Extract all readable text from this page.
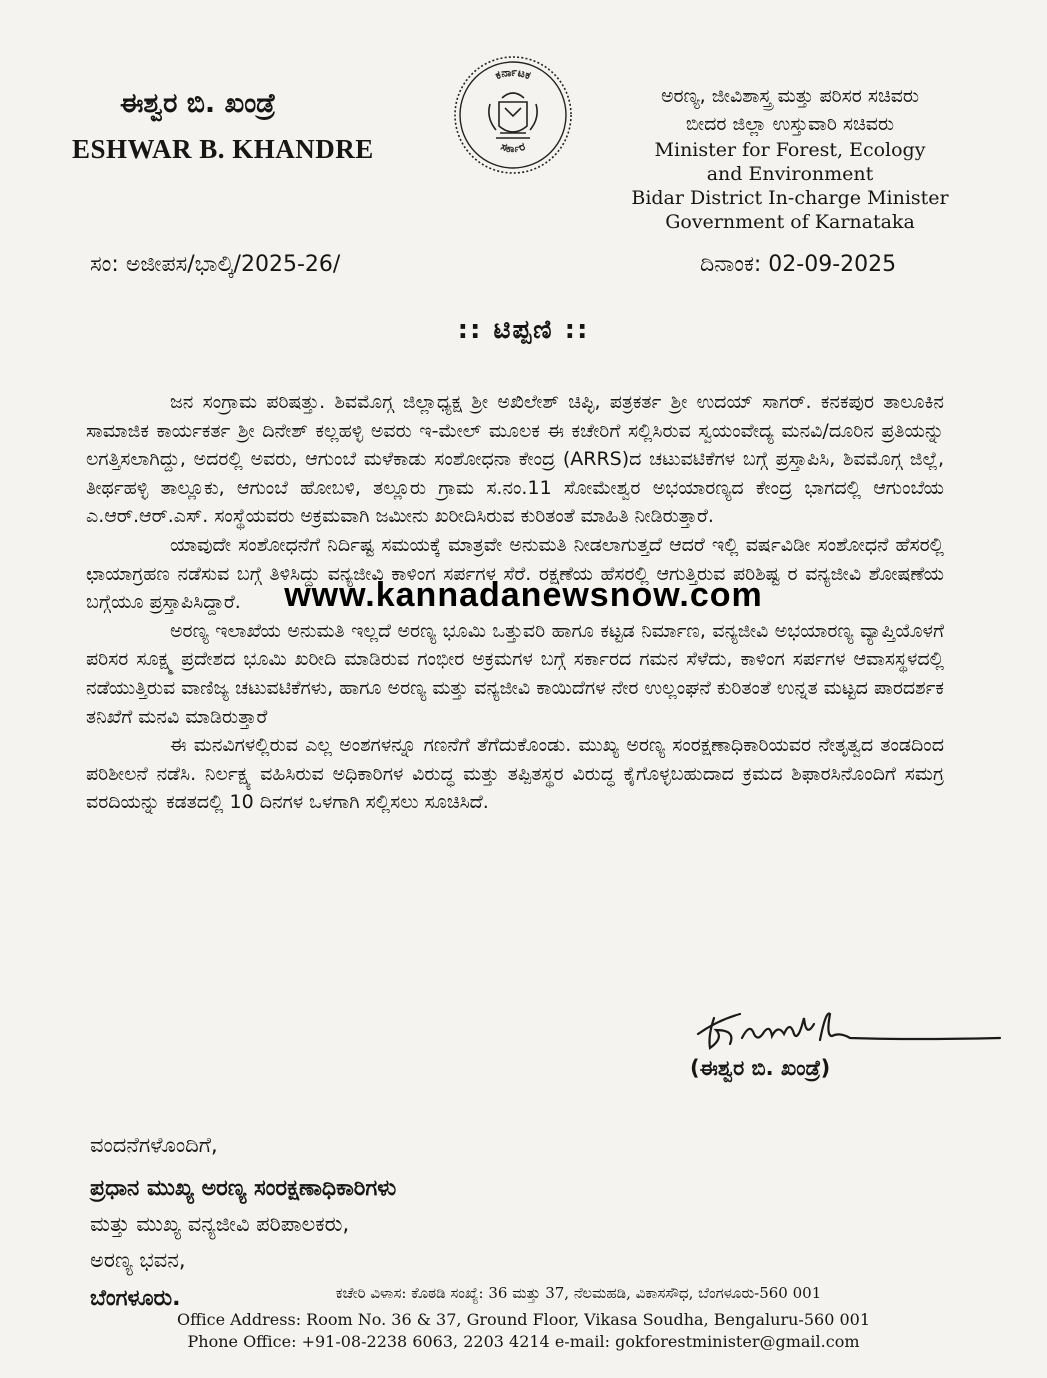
ಈಶ್ವರ ಬಿ. ಖಂಡ್ರೆ
ESHWAR B. KHANDRE
ಕರ್ನಾಟಕ
ಸರ್ಕಾರ
ಅರಣ್ಯ, ಜೀವಿಶಾಸ್ತ್ರ ಮತ್ತು ಪರಿಸರ ಸಚಿವರು
ಬೀದರ ಜಿಲ್ಲಾ ಉಸ್ತುವಾರಿ ಸಚಿವರು
Minister for Forest, Ecology
and Environment
Bidar District In-charge Minister
Government of Karnataka
ಸಂ: ಅಜೀಪಸ/ಭಾಲ್ಕಿ/2025-26/	ದಿನಾಂಕ: 02-09-2025
:: ಟಿಪ್ಪಣಿ ::

ಜನ ಸಂಗ್ರಾಮ ಪರಿಷತ್ತು. ಶಿವಮೊಗ್ಗ ಜಿಲ್ಲಾಧ್ಯಕ್ಷ ಶ್ರೀ ಅಖಿಲೇಶ್ ಚಿಪ್ಳಿ, ಪತ್ರಕರ್ತ ಶ್ರೀ ಉದಯ್ ಸಾಗರ್. ಕನಕಪುರ ತಾಲೂಕಿನ ಸಾಮಾಜಿಕ ಕಾರ್ಯಕರ್ತ ಶ್ರೀ ದಿನೇಶ್ ಕಲ್ಲಹಳ್ಳಿ ಅವರು ಇ-ಮೇಲ್ ಮೂಲಕ ಈ ಕಚೇರಿಗೆ ಸಲ್ಲಿಸಿರುವ ಸ್ವಯಂವೇದ್ಯ ಮನವಿ/ದೂರಿನ ಪ್ರತಿಯನ್ನು ಲಗತ್ತಿಸಲಾಗಿದ್ದು, ಅದರಲ್ಲಿ ಅವರು, ಆಗುಂಬೆ ಮಳೆಕಾಡು ಸಂಶೋಧನಾ ಕೇಂದ್ರ (ARRS)ದ ಚಟುವಟಿಕೆಗಳ ಬಗ್ಗೆ ಪ್ರಸ್ತಾಪಿಸಿ, ಶಿವಮೊಗ್ಗ ಜಿಲ್ಲೆ, ತೀರ್ಥಹಳ್ಳಿ ತಾಲ್ಲೂಕು, ಆಗುಂಬೆ ಹೋಬಳಿ, ತಲ್ಲೂರು ಗ್ರಾಮ ಸ.ನಂ.11 ಸೋಮೇಶ್ವರ ಅಭಯಾರಣ್ಯದ ಕೇಂದ್ರ ಭಾಗದಲ್ಲಿ ಆಗುಂಬೆಯ ಎ.ಆರ್.ಆರ್.ಎಸ್. ಸಂಸ್ಥೆಯವರು ಅಕ್ರಮವಾಗಿ ಜಮೀನು ಖರೀದಿಸಿರುವ ಕುರಿತಂತೆ ಮಾಹಿತಿ ನೀಡಿರುತ್ತಾರೆ.

ಯಾವುದೇ ಸಂಶೋಧನೆಗೆ ನಿರ್ದಿಷ್ಟ ಸಮಯಕ್ಕೆ ಮಾತ್ರವೇ ಅನುಮತಿ ನೀಡಲಾಗುತ್ತದೆ ಆದರೆ ಇಲ್ಲಿ ವರ್ಷವಿಡೀ ಸಂಶೋಧನೆ ಹೆಸರಲ್ಲಿ ಛಾಯಾಗ್ರಹಣ ನಡೆಸುವ ಬಗ್ಗೆ ತಿಳಿಸಿದ್ದು ವನ್ಯಜೀವಿ ಕಾಳಿಂಗ ಸರ್ಪಗಳ ಸೆರೆ. ರಕ್ಷಣೆಯ ಹೆಸರಲ್ಲಿ ಆಗುತ್ತಿರುವ ಪರಿಶಿಷ್ಟ ರ ವನ್ಯಜೀವಿ ಶೋಷಣೆಯ ಬಗ್ಗೆಯೂ ಪ್ರಸ್ತಾಪಿಸಿದ್ದಾರೆ.

ಅರಣ್ಯ ಇಲಾಖೆಯ ಅನುಮತಿ ಇಲ್ಲದೆ ಅರಣ್ಯ ಭೂಮಿ ಒತ್ತುವರಿ ಹಾಗೂ ಕಟ್ಟಡ ನಿರ್ಮಾಣ, ವನ್ಯಜೀವಿ ಅಭಯಾರಣ್ಯ ವ್ಯಾಪ್ತಿಯೊಳಗೆ ಪರಿಸರ ಸೂಕ್ಷ್ಮ ಪ್ರದೇಶದ ಭೂಮಿ ಖರೀದಿ ಮಾಡಿರುವ ಗಂಭೀರ ಅಕ್ರಮಗಳ ಬಗ್ಗೆ ಸರ್ಕಾರದ ಗಮನ ಸೆಳೆದು, ಕಾಳಿಂಗ ಸರ್ಪಗಳ ಆವಾಸಸ್ಥಳದಲ್ಲಿ ನಡೆಯುತ್ತಿರುವ ವಾಣಿಜ್ಯ ಚಟುವಟಿಕೆಗಳು, ಹಾಗೂ ಅರಣ್ಯ ಮತ್ತು ವನ್ಯಜೀವಿ ಕಾಯಿದೆಗಳ ನೇರ ಉಲ್ಲಂಘನೆ ಕುರಿತಂತೆ ಉನ್ನತ ಮಟ್ಟದ ಪಾರದರ್ಶಕ ತನಿಖೆಗೆ ಮನವಿ ಮಾಡಿರುತ್ತಾರೆ

ಈ ಮನವಿಗಳಲ್ಲಿರುವ ಎಲ್ಲ ಅಂಶಗಳನ್ನೂ ಗಣನೆಗೆ ತೆಗೆದುಕೊಂಡು. ಮುಖ್ಯ ಅರಣ್ಯ ಸಂರಕ್ಷಣಾಧಿಕಾರಿಯವರ ನೇತೃತ್ವದ ತಂಡದಿಂದ ಪರಿಶೀಲನೆ ನಡೆಸಿ. ನಿರ್ಲಕ್ಷ್ಯ ವಹಿಸಿರುವ ಅಧಿಕಾರಿಗಳ ವಿರುದ್ಧ ಮತ್ತು ತಪ್ಪಿತಸ್ಥರ ವಿರುದ್ಧ ಕೈಗೊಳ್ಳಬಹುದಾದ ಕ್ರಮದ ಶಿಫಾರಸಿನೊಂದಿಗೆ ಸಮಗ್ರ ವರದಿಯನ್ನು ಕಡತದಲ್ಲಿ 10 ದಿನಗಳ ಒಳಗಾಗಿ ಸಲ್ಲಿಸಲು ಸೂಚಿಸಿದೆ.

www.kannadanewsnow.com
(ಈಶ್ವರ ಬಿ. ಖಂಡ್ರೆ)
ವಂದನೆಗಳೊಂದಿಗೆ,
ಪ್ರಧಾನ ಮುಖ್ಯ ಅರಣ್ಯ ಸಂರಕ್ಷಣಾಧಿಕಾರಿಗಳು
ಮತ್ತು ಮುಖ್ಯ ವನ್ಯಜೀವಿ ಪರಿಪಾಲಕರು,
ಅರಣ್ಯ ಭವನ,
ಬೆಂಗಳೂರು.	ಕಚೇರಿ ವಿಳಾಸ: ಕೊಠಡಿ ಸಂಖ್ಯೆ: 36 ಮತ್ತು 37, ನೆಲಮಹಡಿ, ವಿಕಾಸಸೌಧ, ಬೆಂಗಳೂರು-560 001
Office Address: Room No. 36 & 37, Ground Floor, Vikasa Soudha, Bengaluru-560 001
Phone Office: +91-08-2238 6063, 2203 4214 e-mail: gokforestminister@gmail.com
